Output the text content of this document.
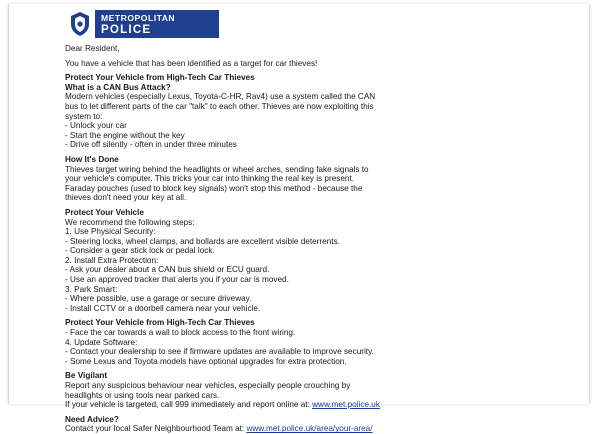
METROPOLITAN
POLICE

Dear Resident,

You have a vehicle that has been identified as a target for car thieves!

Protect Your Vehicle from High-Tech Car Thieves
What is a CAN Bus Attack?
Modern vehicles (especially Lexus, Toyota-C-HR, Rav4) use a system called the CAN
bus to let different parts of the car "talk" to each other. Thieves are now exploiting this
system to:
- Unlock your car
- Start the engine without the key
- Drive off silently - often in under three minutes
How It's Done
Thieves target wiring behind the headlights or wheel arches, sending fake signals to
your vehicle's computer. This tricks your car into thinking the real key is present.
Faraday pouches (used to block key signals) won't stop this method - because the
thieves don't need your key at all.
Protect Your Vehicle
We recommend the following steps:
1. Use Physical Security:
- Steering locks, wheel clamps, and bollards are excellent visible deterrents.
- Consider a gear stick lock or pedal lock.
2. Install Extra Protection:
- Ask your dealer about a CAN bus shield or ECU guard.
- Use an approved tracker that alerts you if your car is moved.
3. Park Smart:
- Where possible, use a garage or secure driveway.
- Install CCTV or a doorbell camera near your vehicle.
Protect Your Vehicle from High-Tech Car Thieves
- Face the car towards a wall to block access to the front wiring.
4. Update Software:
- Contact your dealership to see if firmware updates are available to improve security.
- Some Lexus and Toyota models have optional upgrades for extra protection.
Be Vigilant
Report any suspicious behaviour near vehicles, especially people crouching by
headlights or using tools near parked cars.
If your vehicle is targeted, call 999 immediately and report online at: www.met.police.uk
Need Advice?
Contact your local Safer Neighbourhood Team at: www.met.police.uk/area/your-area/
